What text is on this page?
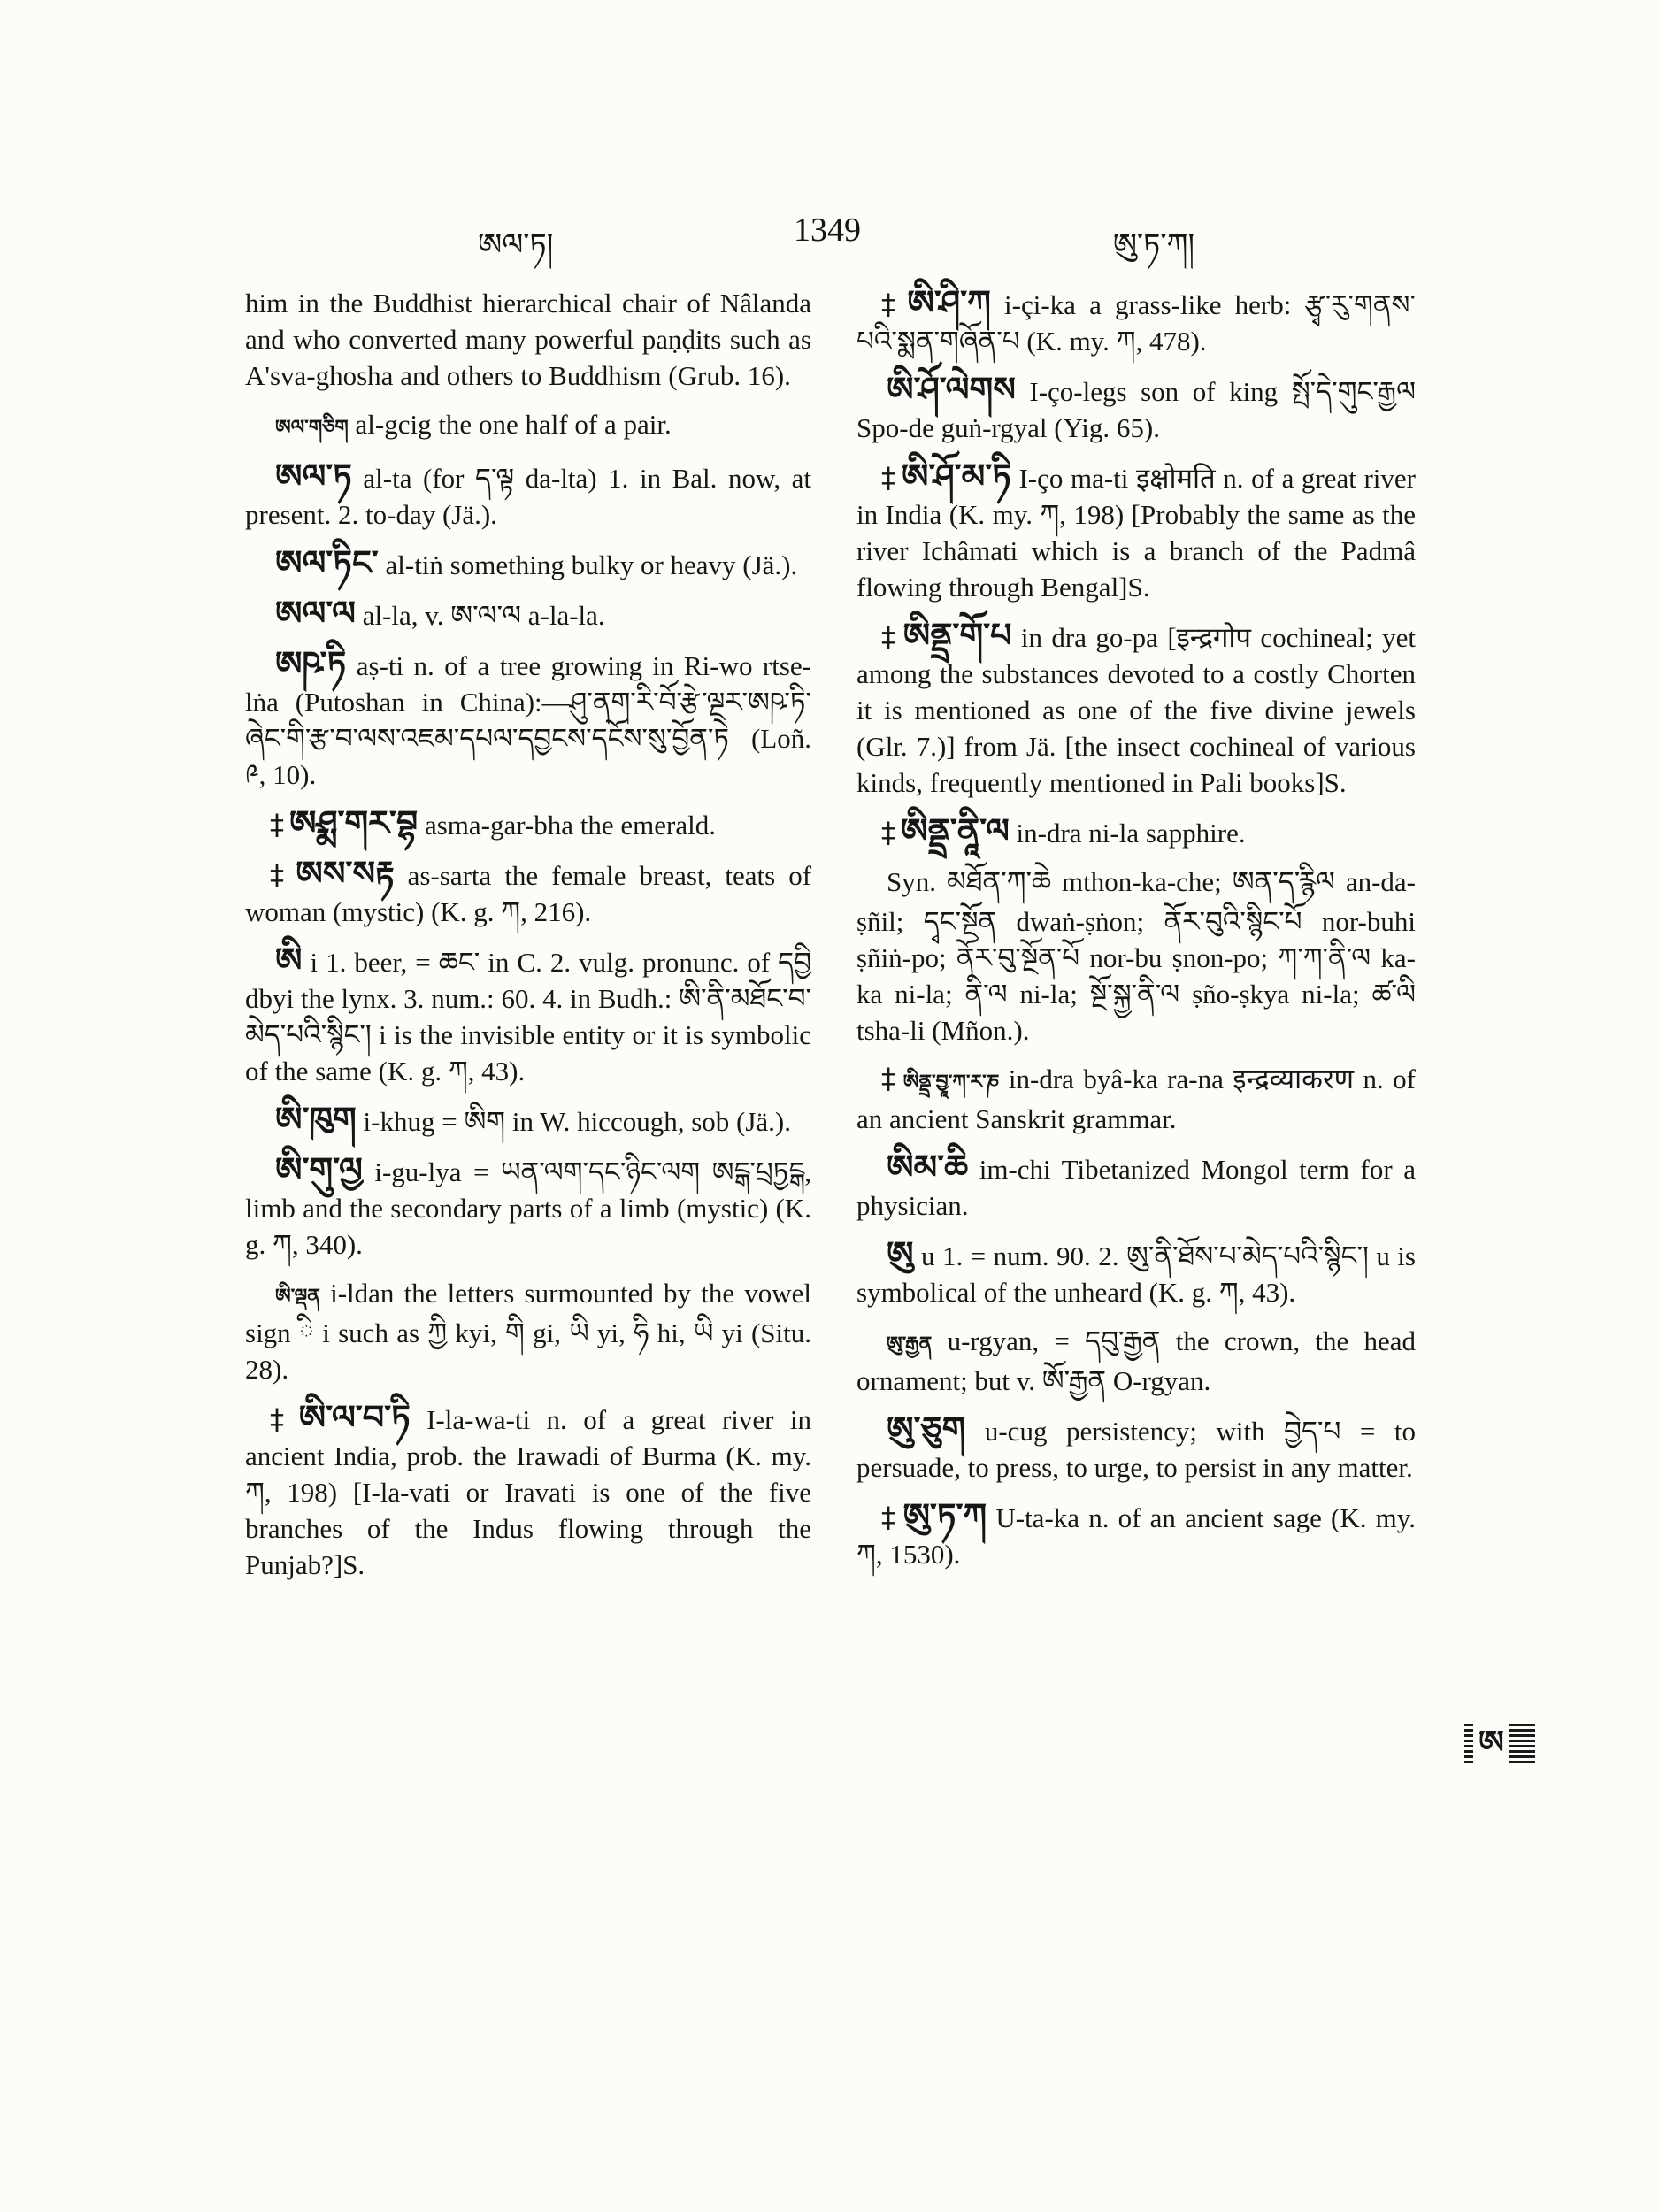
ཨལ་ཏ།	1349	ཨུ་ཏ་ཀ།

him in the Buddhist hierarchical chair of Nâlanda and who converted many powerful paṇḍits such as A'sva-ghosha and others to Buddhism (Grub. 16).

ཨལ་གཅིག al-gcig the one half of a pair.

ཨལ་ཏ al-ta (for ད་ལྟ da-lta) 1. in Bal. now, at present. 2. to-day (Jä.).

ཨལ་ཏིང་ al-tiṅ something bulky or heavy (Jä.).

ཨལ་ལ al-la, v. ཨ་ལ་ལ a-la-la.

ཨཥ་ཏི aṣ-ti n. of a tree growing in Ri-wo rtse-lṅa (Putoshan in China):—ཤུ་ནག་རི་བོ་རྩེ་ལྔར་ཨཥ་ཏི་ཞེང་གི་རྩ་བ་ལས་འཇམ་དཔལ་དབྱངས་དངོས་སུ་བྱོན་ཏེ (Loñ. ༩, 10).

‡ ཨཤྨ་གར་བྷ asma-gar-bha the emerald.

‡ ཨས་སརྟ as-sarta the female breast, teats of woman (mystic) (K. g. ཀ, 216).

ཨི i 1. beer, = ཆང་ in C. 2. vulg. pronunc. of དབྱི dbyi the lynx. 3. num.: 60. 4. in Budh.: ཨི་ནི་མཐོང་བ་མེད་པའི་སྙིང་། i is the invisible entity or it is symbolic of the same (K. g. ཀ, 43).

ཨི་ཁུག i-khug = ཨིག in W. hiccough, sob (Jä.).

ཨི་གུ་ལྱ i-gu-lya = ཡན་ལག་དང་ཉིང་ལག ཨངྒ་པྲཏྱངྒ, limb and the secondary parts of a limb (mystic) (K. g. ཀ, 340).

ཨི་ལྡན i-ldan the letters surmounted by the vowel sign ི i such as ཀྱི kyi, གི gi, ཡི yi, ཧི hi, ཡི yi (Situ. 28).

‡ ཨི་ལ་བ་ཏི I-la-wa-ti n. of a great river in ancient India, prob. the Irawadi of Burma (K. my. ཀ, 198) [I-la-vati or Iravati is one of the five branches of the Indus flowing through the Punjab?]S.

‡ ཨི་ཤི་ཀ i-çi-ka a grass-like herb: རྩྭ་རུ་གནས་པའི་སྨན་གཞོན་པ (K. my. ཀ, 478).

ཨི་ཤོ་ལེགས I-ço-legs son of king སྤོ་དེ་གུང་རྒྱལ Spo-de guṅ-rgyal (Yig. 65).

‡ ཨི་ཤོ་མ་ཏི I-ço ma-ti इक्षोमति n. of a great river in India (K. my. ཀ, 198) [Probably the same as the river Ichâmati which is a branch of the Padmâ flowing through Bengal]S.

‡ ཨིནྡྲ་གོ་པ in dra go-pa [इन्द्रगोप cochineal; yet among the substances devoted to a costly Chorten it is mentioned as one of the five divine jewels (Glr. 7.)] from Jä. [the insect cochineal of various kinds, frequently mentioned in Pali books]S.

‡ ཨིནྡྲ་ནཱི་ལ in-dra ni-la sapphire.

Syn. མཐོན་ཀ་ཆེ mthon-ka-che; ཨན་ད་རྙིལ an-da-ṣñil; དྭང་སྔོན dwaṅ-ṣṅon; ནོར་བུའི་སྙིང་པོ nor-buhi ṣñiṅ-po; ནོར་བུ་སྔོན་པོ nor-bu ṣnon-po; ཀ་ཀ་ནི་ལ ka-ka ni-la; ནི་ལ ni-la; སྔོ་སྐྱ་ནི་ལ ṣño-ṣkya ni-la; ཚ་ལི tsha-li (Mñon.).

‡ ཨིནྡྲ་བྱཱ་ཀ་ར་ཎ in-dra byâ-ka ra-na इन्द्रव्याकरण n. of an ancient Sanskrit grammar.

ཨིམ་ཆི im-chi Tibetanized Mongol term for a physician.

ཨུ u 1. = num. 90. 2. ཨུ་ནི་ཐོས་པ་མེད་པའི་སྙིང་། u is symbolical of the unheard (K. g. ཀ, 43).

ཨུ་རྒྱན u-rgyan, = དབུ་རྒྱན the crown, the head ornament; but v. ཨོ་རྒྱན O-rgyan.

ཨུ་ཅུག u-cug persistency; with བྱེད་པ = to persuade, to press, to urge, to persist in any matter.

‡ ཨུ་ཏ་ཀ U-ta-ka n. of an ancient sage (K. my. ཀ, 1530).

ཨ
